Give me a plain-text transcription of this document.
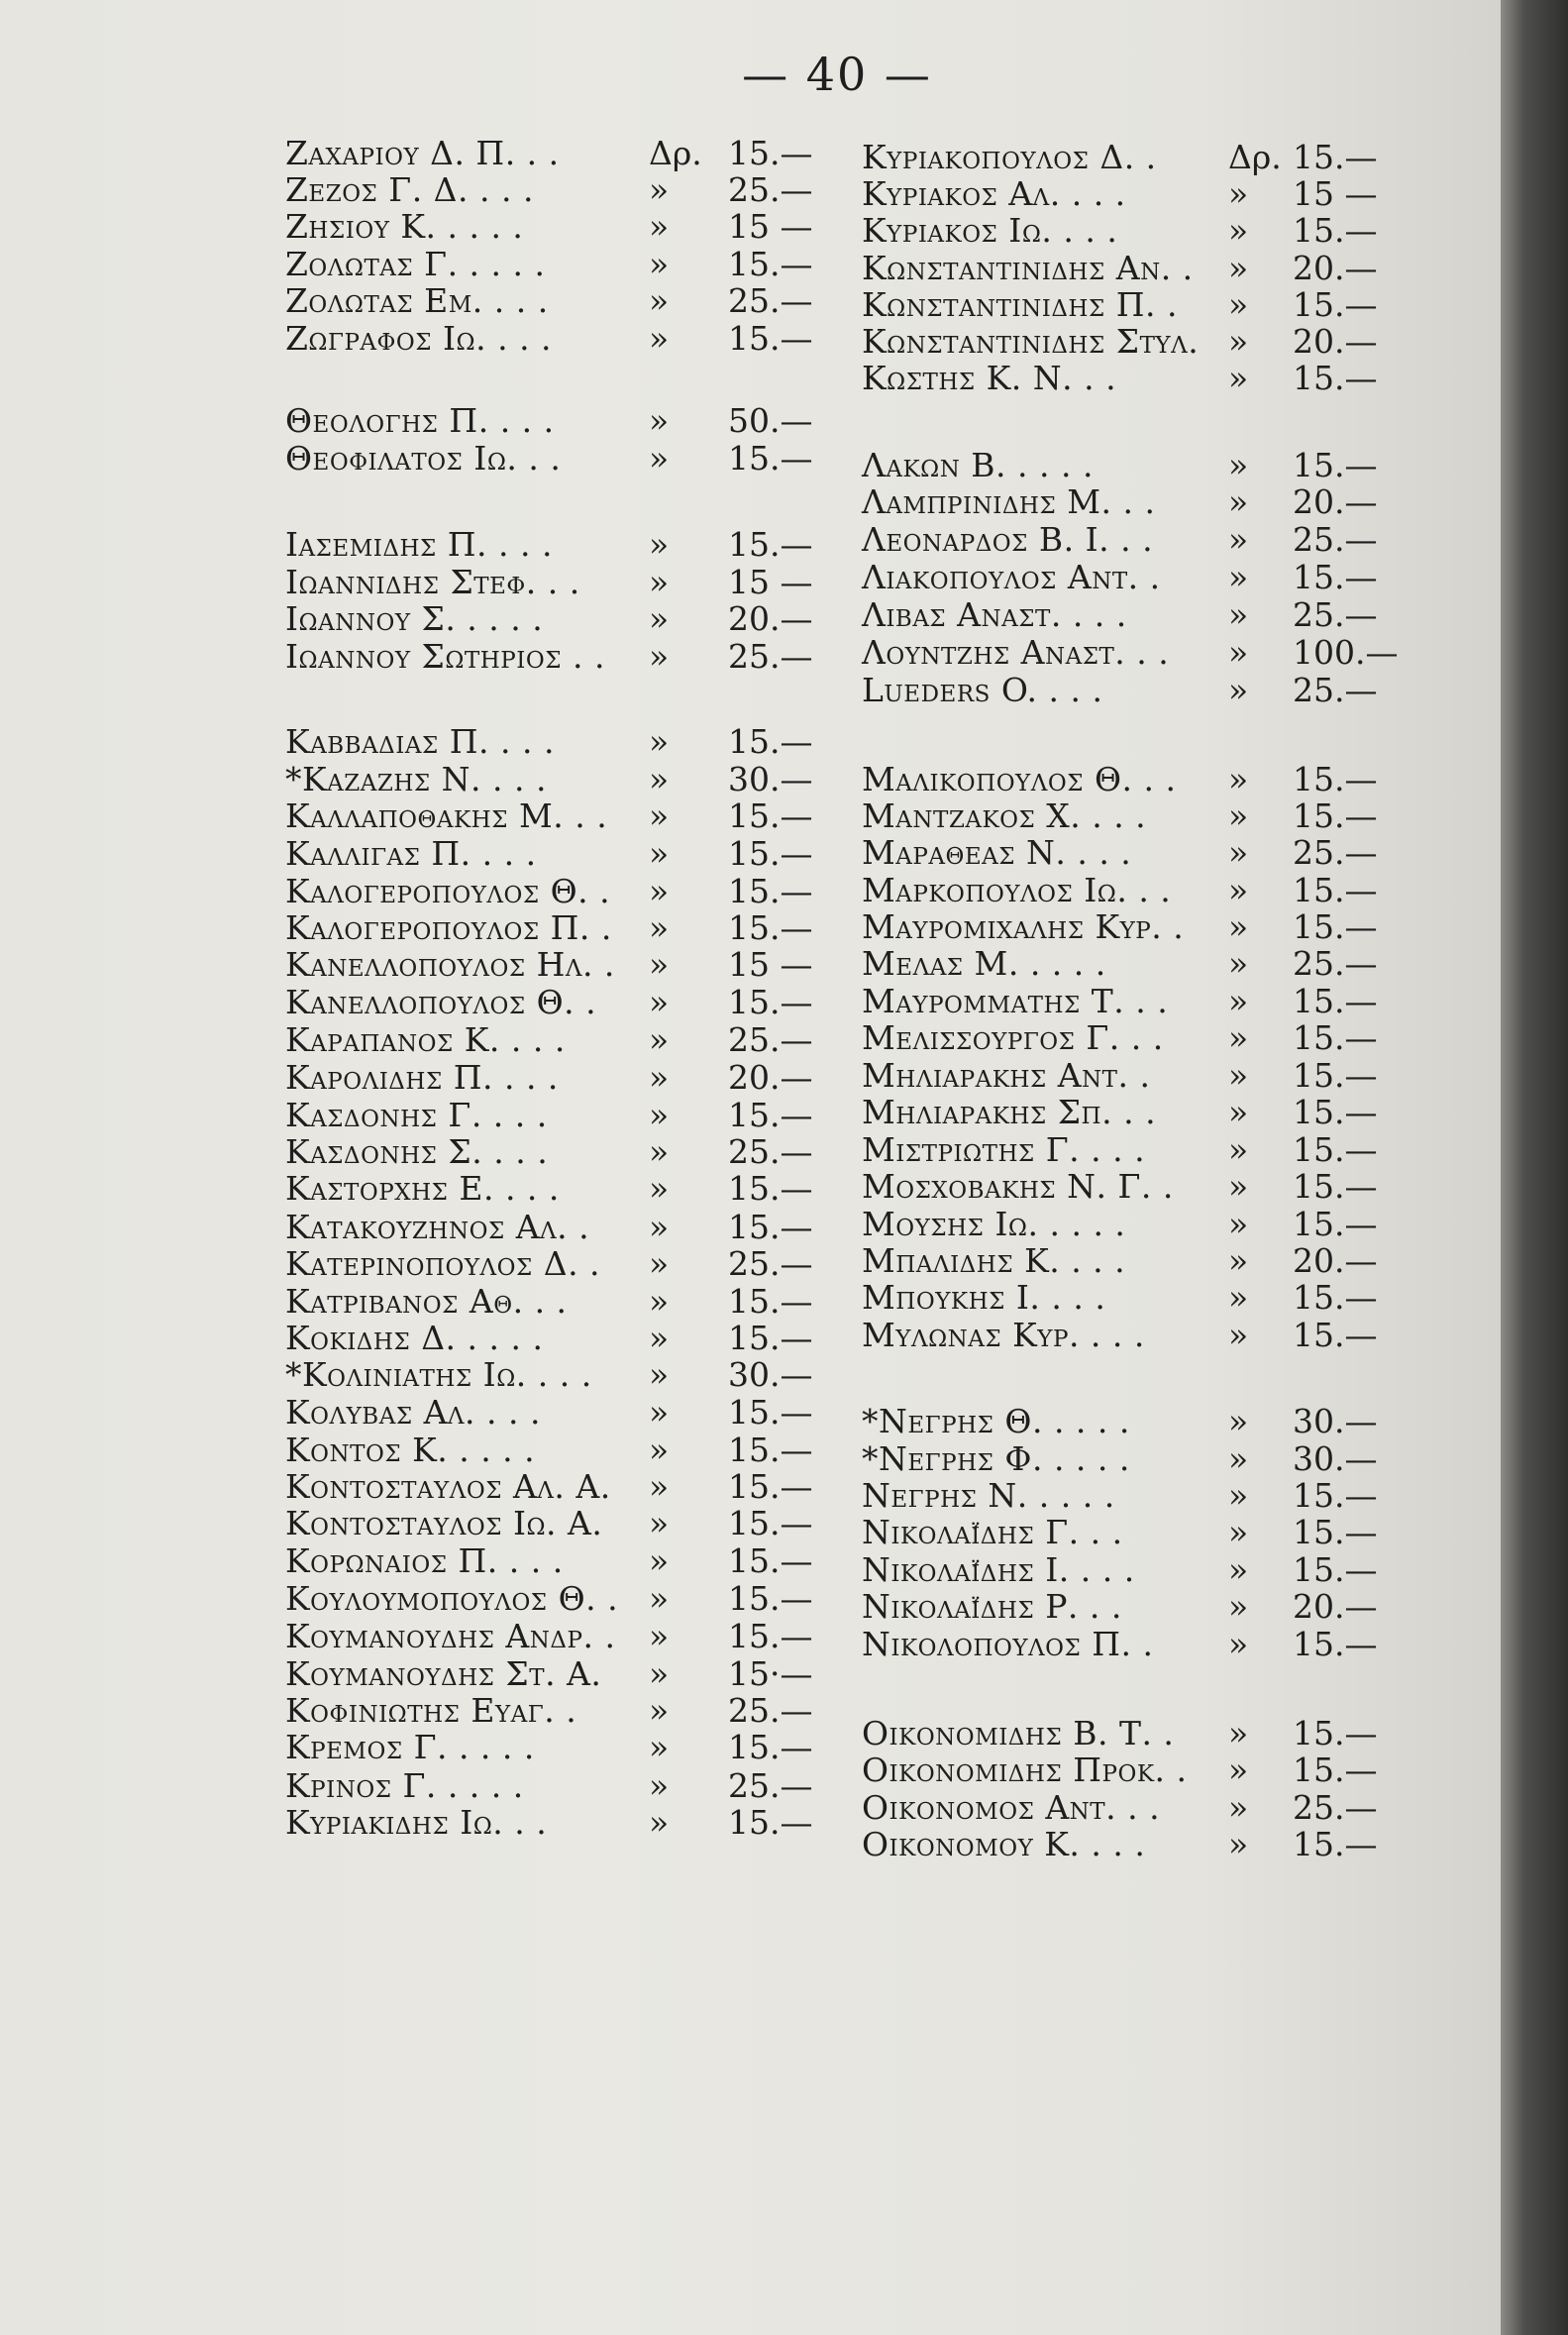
— 40 —
Ζαχαριου Δ. Π. . .	Δρ. 15.—
Ζεζος Γ. Δ. . . .	» 25.—
Ζησιου Κ. . . . .	» 15 —
Ζολωτας Γ. . . . .	» 15.—
Ζολωτας Εμ. . . .	» 25.—
Ζωγραφος Ιω. . . .	» 15.—
Θεολογης Π. . . .	» 50.—
Θεοφιλατος Ιω. . .	» 15.—
Ιασεμιδης Π. . . .	» 15.—
Ιωαννιδης Στεφ. . . » 15 —
Ιωαννου Σ. . . . .	» 20.—
Ιωαννου Σωτηριος . . » 25.—
Καββαδιας Π. . . .	» 15.—
*Καζαζης Ν. . . .	» 30.—
Καλλαποθακης Μ. . . » 15.—
Καλλιγας Π. . . .	» 15.—
Καλογεροπουλος Θ. . » 15.—
Καλογεροπουλος Π. . » 15.—
Κανελλοπουλος Ηλ. . » 15 —
Κανελλοπουλος Θ. . » 15.—
Καραπανος Κ. . . .	» 25.—
Καρολιδης Π. . . .	» 20.—
Κασδονης Γ. . . .	» 15.—
Κασδονης Σ. . . .	» 25.—
Καστορχης Ε. . . .	» 15.—
Κατακουζηνος Αλ. . » 15.—
Κατερινοπουλος Δ. . » 25.—
Κατριβανος Αθ. . . » 15.—
Κοκιδης Δ. . . . .	» 15.—
*Κολινιατης Ιω. . . . » 30.—
Κολυβας Αλ. . . .	» 15.—
Κοντος Κ. . . . .	» 15.—
Κοντοσταυλος Αλ. Α. » 15.—
Κοντοσταυλος Ιω. Α. » 15.—
Κορωναιος Π. . . .	» 15.—
Κουλουμοπουλος Θ. . » 15.—
Κουμανουδης Ανδρ. . » 15.—
Κουμανουδης Στ. Α. » 15·—
Κοφινιωτης Ευαγ. . » 25.—
Κρεμος Γ. . . . .	» 15.—
Κρινος Γ. . . . .	» 25.—
Κυριακιδης Ιω. . .	» 15.—
Κυριακοπουλος Δ. . Δρ. 15.—
Κυριακος Αλ. . . .	» 15 —
Κυριακος Ιω. . . .	» 15.—
Κωνσταντινιδης Αν. . » 20.—
Κωνσταντινιδης Π. . » 15.—
Κωνσταντινιδης Στυλ. » 20.—
Κωστης Κ. Ν. . .	» 15.—
Λακων Β. . . . .	» 15.—
Λαμπρινιδης Μ. . . » 20.—
Λεοναρδος Β. Ι. . . » 25.—
Λιακοπουλος Αντ. . » 15.—
Λιβας Αναστ. . . .	» 25.—
Λουντζης Αναστ. . . » 100.—
Lueders O. . . .	» 25.—
Μαλικοπουλος Θ. . . » 15.—
Μαντζακος Χ. . . .	» 15.—
Μαραθεας Ν. . . .	» 25.—
Μαρκοπουλος Ιω. . . » 15.—
Μαυρομιχαλης Κυρ. . » 15.—
Μελας Μ. . . . .	» 25.—
Μαυρομματης Τ. . . » 15.—
Μελισσουργος Γ. . . » 15.—
Μηλιαρακης Αντ. . » 15.—
Μηλιαρακης Σπ. . . » 15.—
Μιστριωτης Γ. . . .	» 15.—
Μοσχοβακης Ν. Γ. . » 15.—
Μουσης Ιω. . . . .	» 15.—
Μπαλιδης Κ. . . .	» 20.—
Μπουκης Ι. . . .	» 15.—
Μυλωνας Κυρ. . . .	» 15.—
*Νεγρης Θ. . . . .	» 30.—
*Νεγρης Φ. . . . .	» 30.—
Νεγρης Ν. . . . .	» 15.—
Νικολαΐδης Γ. . .	» 15.—
Νικολαΐδης Ι. . . .	» 15.—
Νικολαΐδης Ρ. . .	» 20.—
Νικολοπουλος Π. . » 15.—
Οικονομιδης Β. Τ. . » 15.—
Οικονομιδης Προκ. . » 15.—
Οικονομος Αντ. . . » 25.—
Οικονομου Κ. . . .	» 15.—
